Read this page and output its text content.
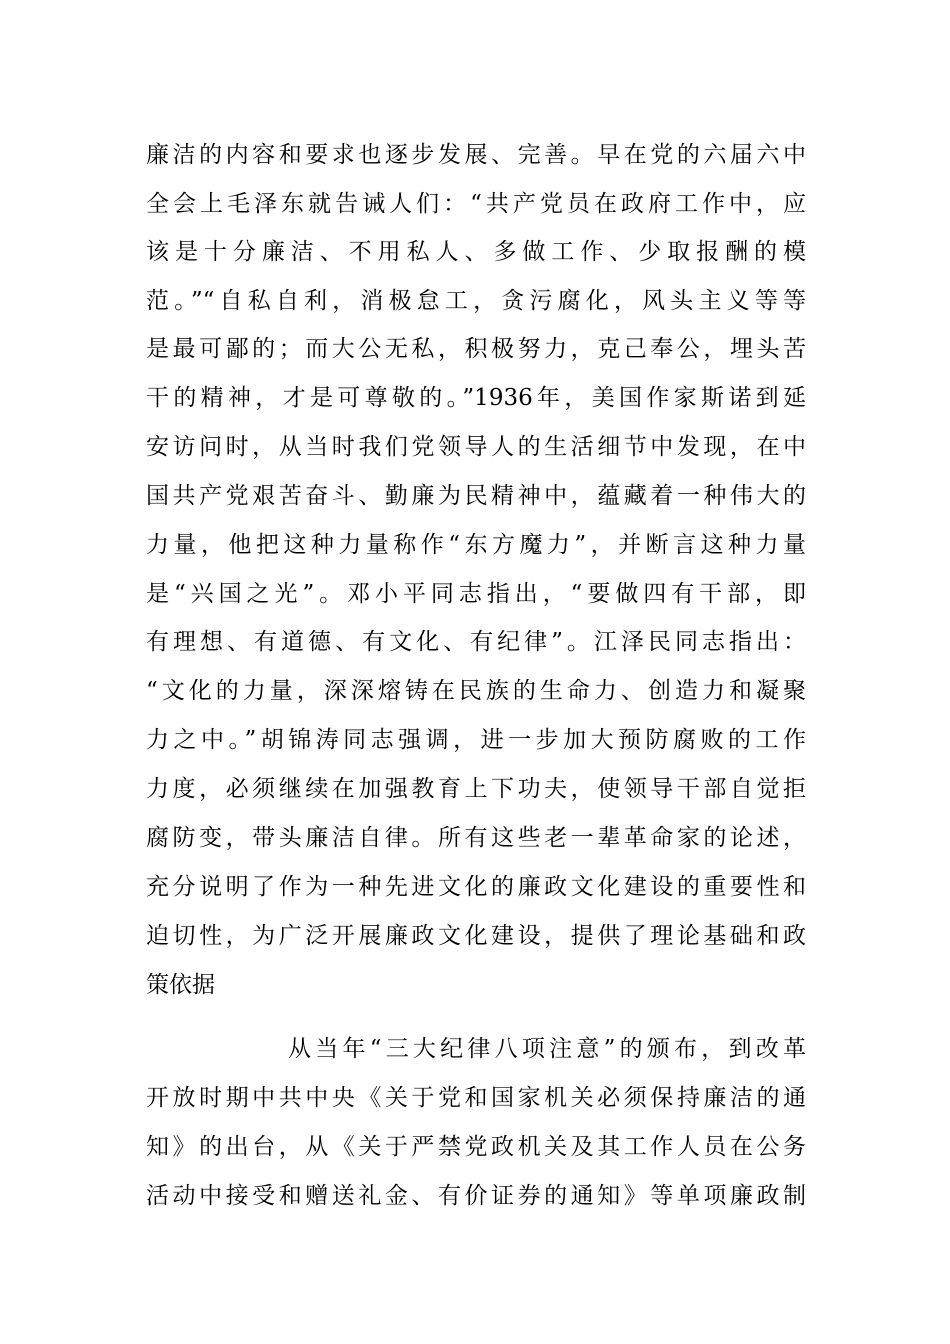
廉洁的内容和要求也逐步发展、完善。早在党的六届六中
全会上毛泽东就告诫人们：“共产党员在政府工作中，应
该是十分廉洁、不用私人、多做工作、少取报酬的模
范。”“自私自利，消极怠工，贪污腐化，风头主义等等
是最可鄙的；而大公无私，积极努力，克己奉公，埋头苦
干的精神，才是可尊敬的。”1936年，美国作家斯诺到延
安访问时，从当时我们党领导人的生活细节中发现，在中
国共产党艰苦奋斗、勤廉为民精神中，蕴藏着一种伟大的
力量，他把这种力量称作“东方魔力”，并断言这种力量
是“兴国之光”。邓小平同志指出，“要做四有干部，即
有理想、有道德、有文化、有纪律”。江泽民同志指出：
“文化的力量，深深熔铸在民族的生命力、创造力和凝聚
力之中。”胡锦涛同志强调，进一步加大预防腐败的工作
力度，必须继续在加强教育上下功夫，使领导干部自觉拒
腐防变，带头廉洁自律。所有这些老一辈革命家的论述，
充分说明了作为一种先进文化的廉政文化建设的重要性和
迫切性，为广泛开展廉政文化建设，提供了理论基础和政
策依据
从当年“三大纪律八项注意”的颁布，到改革
开放时期中共中央《关于党和国家机关必须保持廉洁的通
知》的出台，从《关于严禁党政机关及其工作人员在公务
活动中接受和赠送礼金、有价证券的通知》等单项廉政制
